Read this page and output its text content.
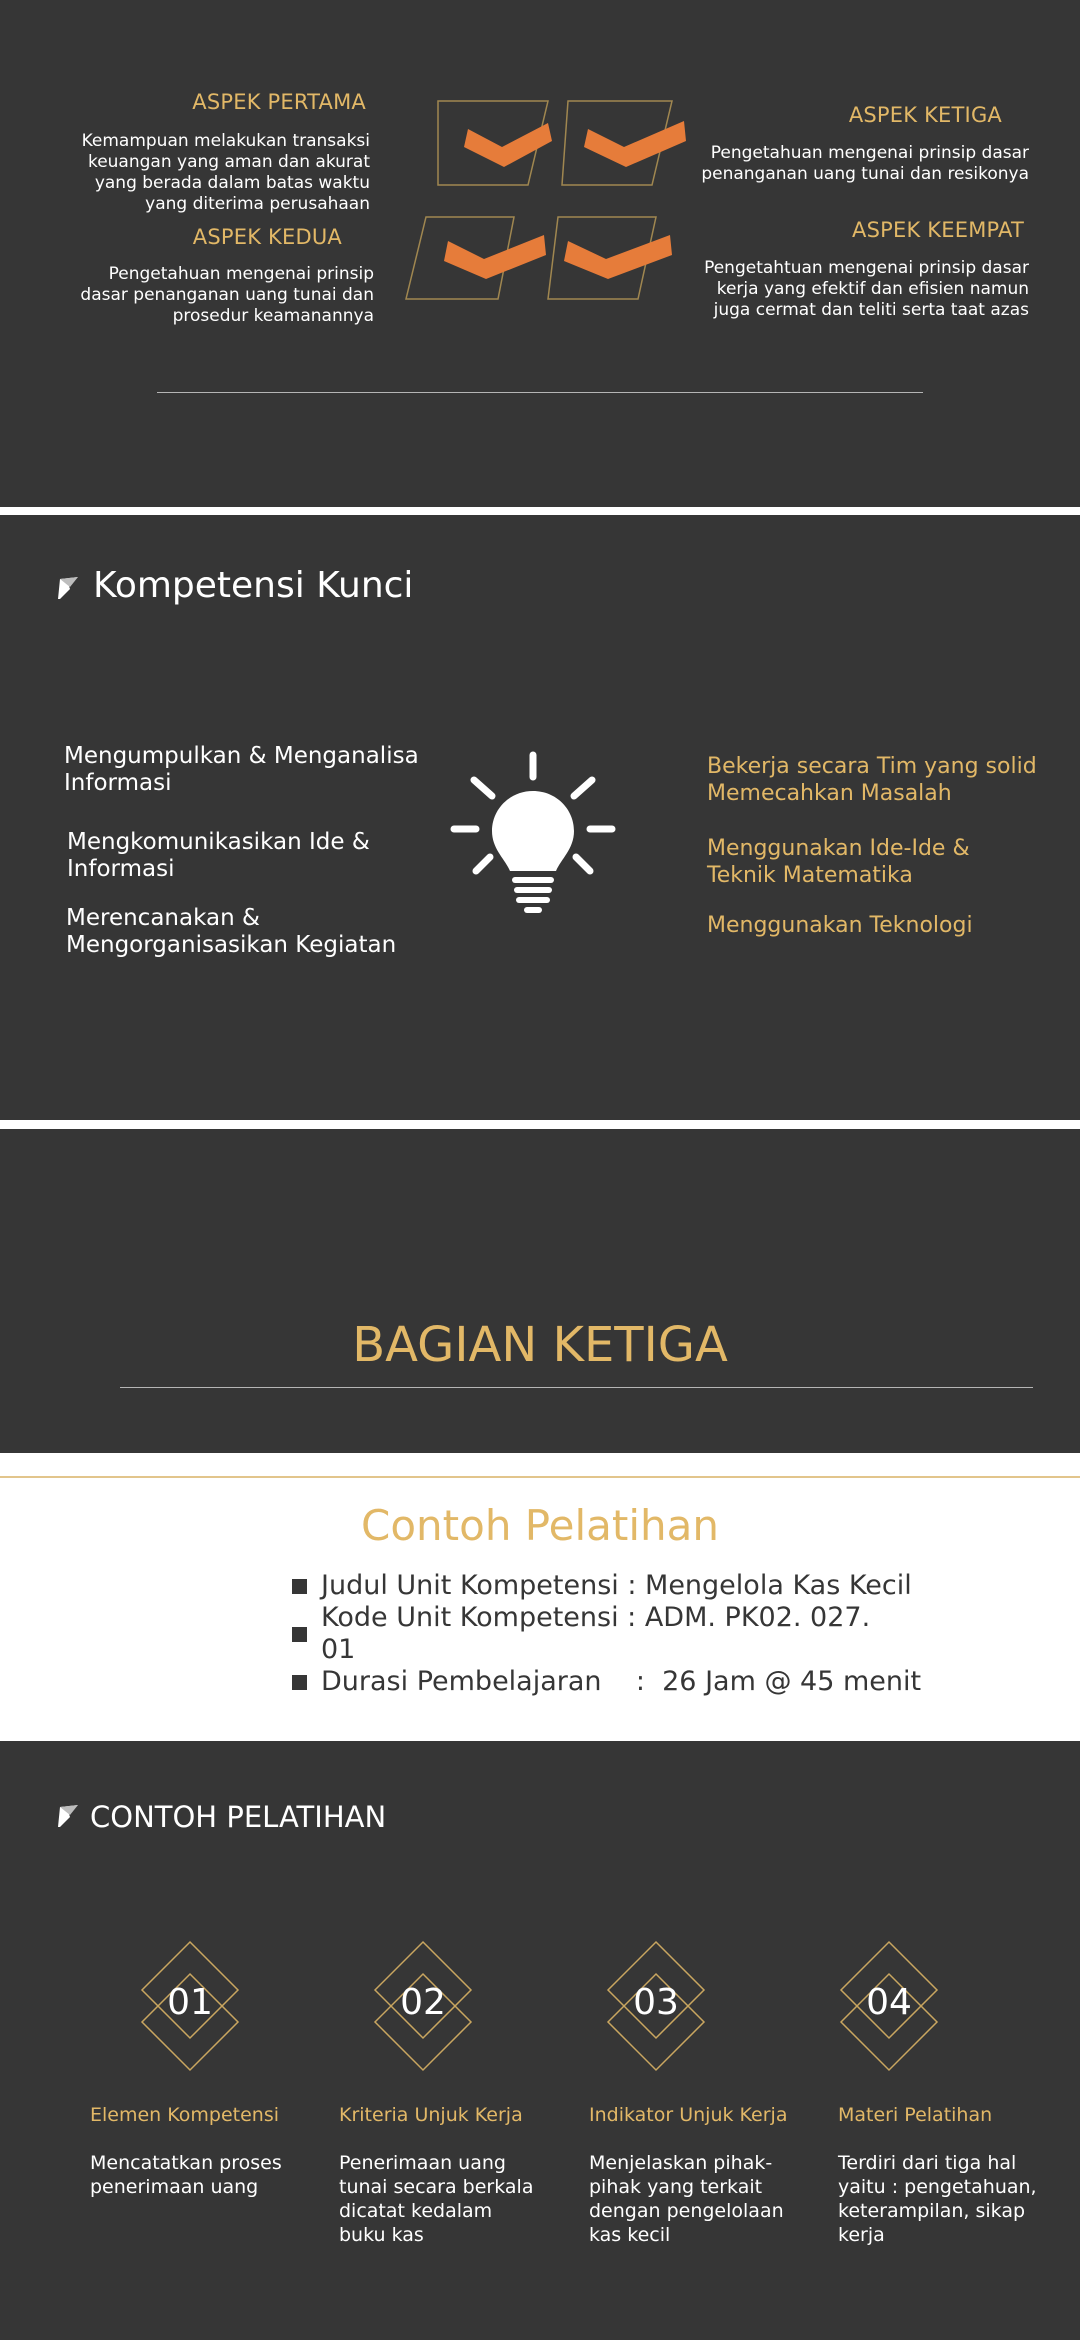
ASPEK PERTAMA
Kemampuan melakukan transaksi keuangan yang aman dan akurat yang berada dalam batas waktu yang diterima perusahaan
ASPEK KEDUA
Pengetahuan mengenai prinsip dasar penanganan uang tunai dan prosedur keamanannya
ASPEK KETIGA
Pengetahuan mengenai prinsip dasar penanganan uang tunai dan resikonya
ASPEK KEEMPAT
Pengetahtuan mengenai prinsip dasar kerja yang efektif dan efisien namun juga cermat dan teliti serta taat azas
Kompetensi Kunci
Mengumpulkan & Menganalisa Informasi
Mengkomunikasikan Ide & Informasi
Merencanakan & Mengorganisasikan Kegiatan
Bekerja secara Tim yang solid Memecahkan Masalah
Menggunakan Ide-Ide & Teknik Matematika
Menggunakan Teknologi
BAGIAN KETIGA
Contoh Pelatihan
Judul Unit Kompetensi : Mengelola Kas Kecil
Kode Unit Kompetensi : ADM. PK02. 027. 01
Durasi Pembelajaran    :  26 Jam @ 45 menit
CONTOH PELATIHAN
01
Elemen Kompetensi
Mencatatkan proses penerimaan uang
02
Kriteria Unjuk Kerja
Penerimaan uang tunai secara berkala dicatat kedalam buku kas
03
Indikator Unjuk Kerja
Menjelaskan pihak-pihak yang terkait dengan pengelolaan kas kecil
04
Materi Pelatihan
Terdiri dari tiga hal yaitu : pengetahuan, keterampilan, sikap kerja
